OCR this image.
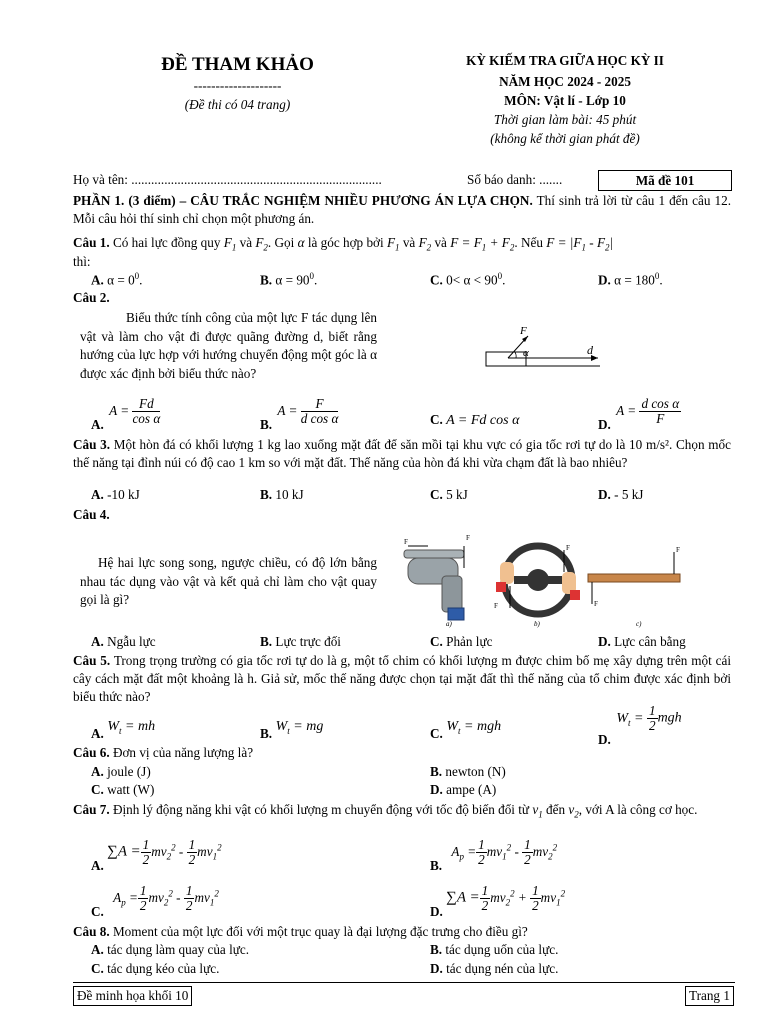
ĐỀ THAM KHẢO
--------------------
(Đề thi có 04 trang)
KỲ KIẾM TRA GIỮA HỌC KỲ II
NĂM HỌC 2024 - 2025
MÔN: Vật lí - Lớp 10
Thời gian làm bài: 45 phút
(không kể thời gian phát đề)
Họ và tên: ............................................................................	Số báo danh: .......	Mã đề 101
PHẦN 1. (3 điểm) – CÂU TRẮC NGHIỆM NHIỀU PHƯƠNG ÁN LỰA CHỌN. Thí sinh trả lời từ câu 1 đến câu 12. Mỗi câu hỏi thí sinh chỉ chọn một phương án.
Câu 1. Có hai lực đồng quy $F_1$ và $F_2$. Gọi α là góc hợp bởi $F_1$ và $F_2$ và $F = F_1 + F_2$. Nếu $F = |F_1 - F_2|$
thì:
A. $\alpha = 0^0$.	B. $\alpha = 90^0$.	C. $0< \alpha < 90^0$.	D. $\alpha = 180^0$.
Câu 2.
Biểu thức tính công của một lực F tác dụng lên vật và làm cho vật đi được quãng đường d, biết rằng hướng của lực hợp với hướng chuyển động một góc là α được xác định bởi biểu thức nào?
F
α	d
A. $A = \frac{Fd}{\text{cos α}}$	B. $A = \frac{F}{\text{d cos α}}$	C. A = Fd cos α	D. $A = \frac{\text{d cos α}}{F}$
Câu 3. Một hòn đá có khối lượng 1 kg lao xuống mặt đất để săn mồi tại khu vực có gia tốc rơi tự do là 10 m/s². Chọn mốc thế năng tại đỉnh núi có độ cao 1 km so với mặt đất. Thế năng của hòn đá khi vừa chạm đất là bao nhiêu?
A. -10 kJ	B. 10 kJ	C. 5 kJ	D. - 5 kJ
Câu 4.
Hệ hai lực song song, ngược chiều, có độ lớn bằng nhau tác dụng vào vật và kết quả chỉ làm cho vật quay gọi là gì?
F	F
a)
F
F
b)
F
F
c)
A. Ngẫu lực	B. Lực trực đối	C. Phản lực	D. Lực cân bằng
Câu 5. Trong trọng trường có gia tốc rơi tự do là g, một tổ chim có khối lượng m được chim bố mẹ xây dựng trên một cái cây cách mặt đất một khoảng là h. Giả sử, mốc thế năng được chọn tại mặt đất thì thế năng của tổ chim được xác định bởi biểu thức nào?
A. $W_t$ = mh	B. $W_t$ = mg	C. $W_t$ = mgh
D. $W_t = \frac{1}{2}$ mgh
Câu 6. Đơn vị của năng lượng là?
A. joule (J)	B. newton (N)
C. watt (W)	D. ampe (A)
Câu 7. Định lý động năng khi vật có khối lượng m chuyển động với tốc độ biến đổi từ $v_1$ đến $v_2$, với A là công cơ học.
A. $\sum A = \frac{1}{2} mv_2^2 - \frac{1}{2} mv_1^2$
B. $A_p = \frac{1}{2} mv_1^2 - \frac{1}{2} mv_2^2$
C. $A_p = \frac{1}{2} mv_2^2 - \frac{1}{2} mv_1^2$
D. $\sum A = \frac{1}{2} mv_2^2 + \frac{1}{2} mv_1^2$
Câu 8. Moment của một lực đối với một trục quay là đại lượng đặc trưng cho điều gì?
A. tác dụng làm quay của lực.	B. tác dụng uốn của lực.
C. tác dụng kéo của lực.	D. tác dụng nén của lực.
Đề minh họa khối 10	Trang 1
